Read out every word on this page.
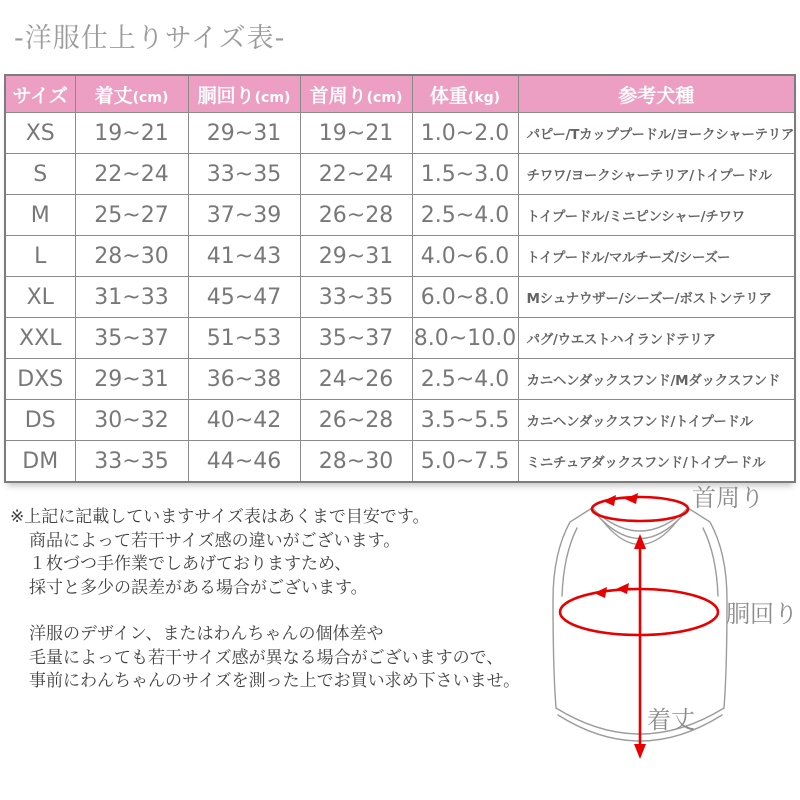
-洋服仕上りサイズ表-
サイズ	着丈(cm)	胴回り(cm)	首周り(cm)	体重(kg)	参考犬種
XS	19~21	29~31	19~21	1.0~2.0	パピー/Tカッププードル/ヨークシャーテリア
S	22~24	33~35	22~24	1.5~3.0	チワワ/ヨークシャーテリア/トイプードル
M	25~27	37~39	26~28	2.5~4.0	トイプードル/ミニピンシャー/チワワ
L	28~30	41~43	29~31	4.0~6.0	トイプードル/マルチーズ/シーズー
XL	31~33	45~47	33~35	6.0~8.0	Mシュナウザー/シーズー/ボストンテリア
XXL	35~37	51~53	35~37	8.0~10.0	パグ/ウエストハイランドテリア
DXS	29~31	36~38	24~26	2.5~4.0	カニヘンダックスフンド/Mダックスフンド
DS	30~32	40~42	26~28	3.5~5.5	カニヘンダックスフンド/トイプードル
DM	33~35	44~46	28~30	5.0~7.5	ミニチュアダックスフンド/トイプードル
※上記に記載していますサイズ表はあくまで目安です。
商品によって若干サイズ感の違いがございます。
１枚づつ手作業でしあげておりますため、
採寸と多少の誤差がある場合がございます。
洋服のデザイン、またはわんちゃんの個体差や
毛量によっても若干サイズ感が異なる場合がございますので、
事前にわんちゃんのサイズを測った上でお買い求め下さいませ。
首周り
胴回り
着丈
